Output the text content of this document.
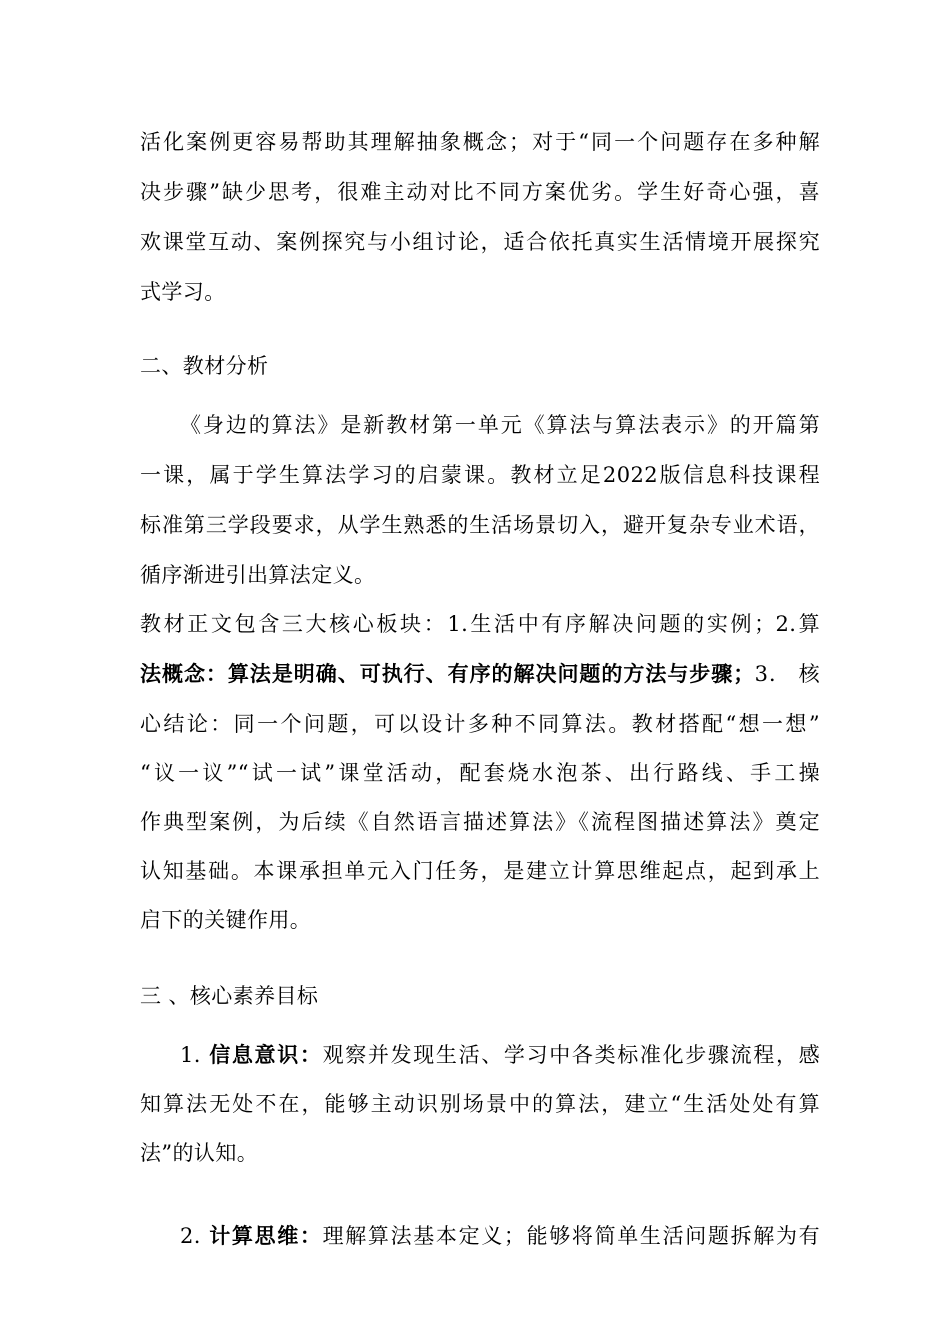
活化案例更容易帮助其理解抽象概念；对于“同一个问题存在多种解
决步骤”缺少思考，很难主动对比不同方案优劣。学生好奇心强，喜
欢课堂互动、案例探究与小组讨论，适合依托真实生活情境开展探究
式学习。
二、教材分析
《身边的算法》是新教材第一单元《算法与算法表示》的开篇第
一课，属于学生算法学习的启蒙课。教材立足2022版信息科技课程
标准第三学段要求，从学生熟悉的生活场景切入，避开复杂专业术语，
循序渐进引出算法定义。
教材正文包含三大核心板块：1.生活中有序解决问题的实例；2.算
法概念：算法是明确、可执行、有序的解决问题的方法与步骤；3． 核
心结论：同一个问题，可以设计多种不同算法。教材搭配“想一想”
“议一议”“试一试”课堂活动，配套烧水泡茶、出行路线、手工操
作典型案例，为后续《自然语言描述算法》《流程图描述算法》奠定
认知基础。本课承担单元入门任务，是建立计算思维起点，起到承上
启下的关键作用。
三 、核心素养目标
1. 信息意识：观察并发现生活、学习中各类标准化步骤流程，感
知算法无处不在，能够主动识别场景中的算法，建立“生活处处有算
法”的认知。
2. 计算思维：理解算法基本定义；能够将简单生活问题拆解为有
